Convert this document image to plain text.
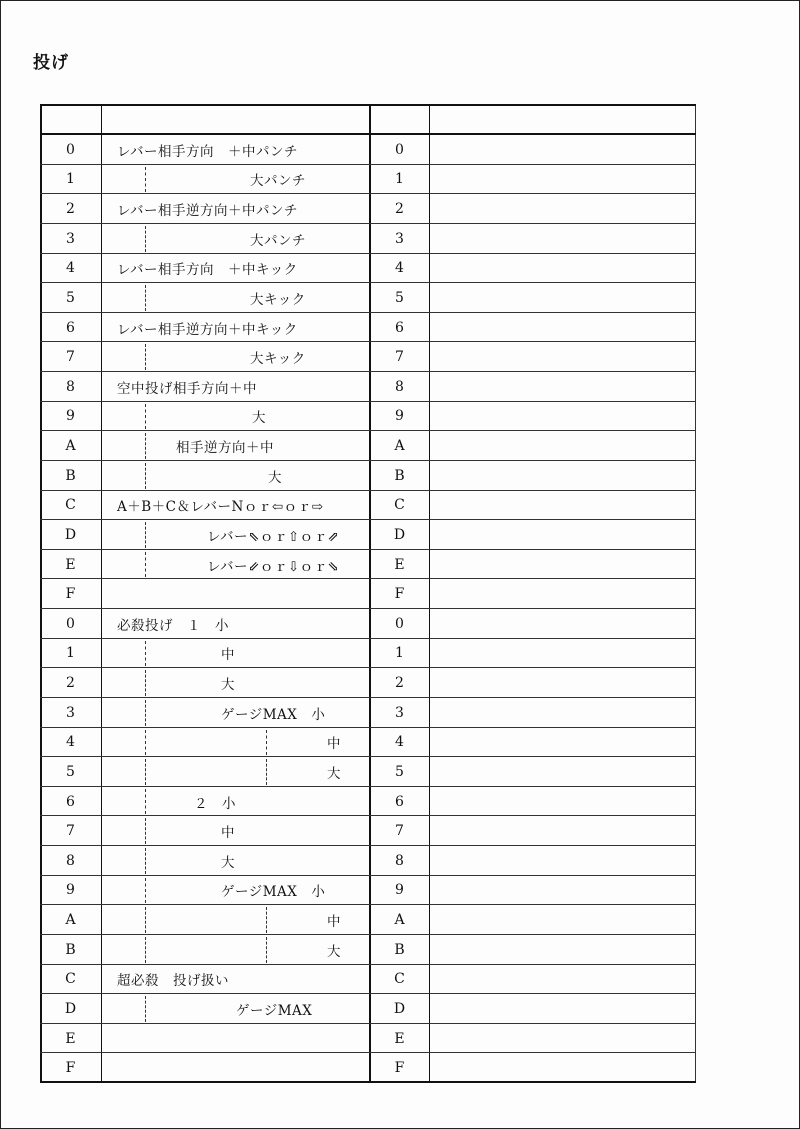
投げ
0	レバー相手方向　＋中パンチ	0
1	大パンチ	1
2	レバー相手逆方向＋中パンチ	2
3	大パンチ	3
4	レバー相手方向　＋中キック	4
5	大キック	5
6	レバー相手逆方向＋中キック	6
7	大キック	7
8	空中投げ相手方向＋中	8
9	大	9
A	相手逆方向＋中	A
B	大	B
C	A＋B＋C＆レバーNｏｒ⇦ｏｒ⇨	C
D	レバー⇖ｏｒ⇧ｏｒ⇗	D
E	レバー⇙ｏｒ⇩ｏｒ⇘	E
F	F
0	必殺投げ　１　小	0
1	中	1
2	大	2
3	ゲージMAX　小	3
4	中	4
5	大	5
6	２　小	6
7	中	7
8	大	8
9	ゲージMAX　小	9
A	中	A
B	大	B
C	超必殺　投げ扱い	C
D	ゲージMAX	D
E	E
F	F
